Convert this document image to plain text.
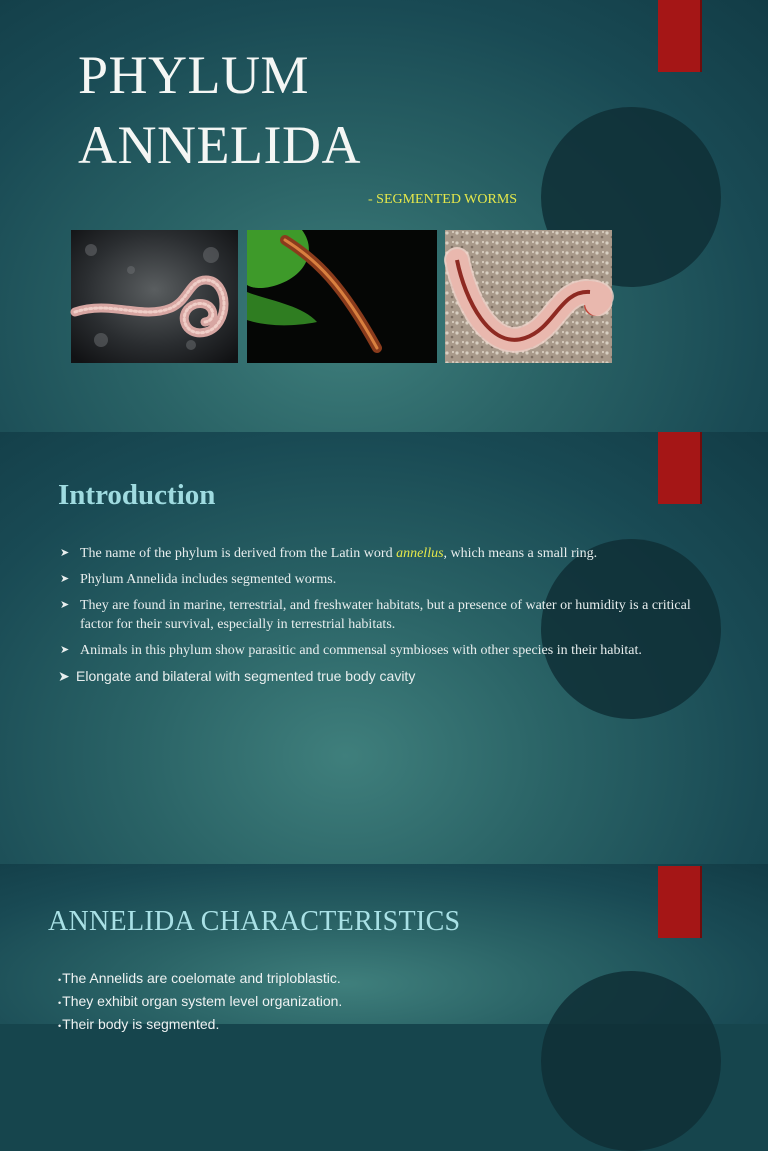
PHYLUM
ANNELIDA

- SEGMENTED WORMS

Introduction
➤ The name of the phylum is derived from the Latin word annellus, which means a small ring.
➤ Phylum Annelida includes segmented worms.
➤ They are found in marine, terrestrial, and freshwater habitats, but a presence of water or humidity is a critical factor for their survival, especially in terrestrial habitats.
➤ Animals in this phylum show parasitic and commensal symbioses with other species in their habitat.
➤ Elongate and bilateral with segmented true body cavity
ANNELIDA CHARACTERISTICS
•The Annelids are coelomate and triploblastic.
•They exhibit organ system level organization.
•Their body is segmented.
